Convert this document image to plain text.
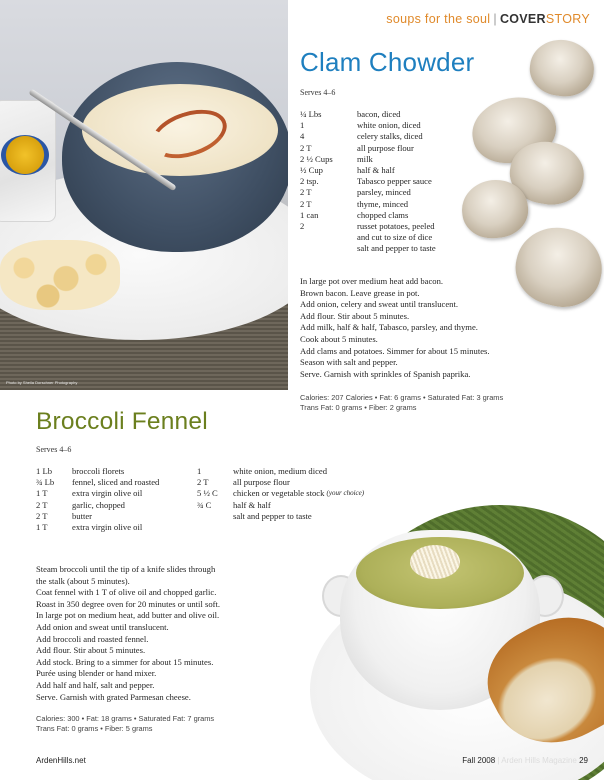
Photo by Sheila Dorschner Photography
soups for the soul | COVERSTORY
Clam Chowder
Serves 4–6
¼ Lbs	bacon, diced
1	white onion, diced
4	celery stalks, diced
2 T	all purpose flour
2 ½ Cups	milk
½ Cup	half & half
2 tsp.	Tabasco pepper sauce
2 T	parsley, minced
2 T	thyme, minced
1 can	chopped clams
2	russet potatoes, peeled
and cut to size of dice
salt and pepper to taste
In large pot over medium heat add bacon.
Brown bacon. Leave grease in pot.
Add onion, celery and sweat until translucent.
Add flour. Stir about 5 minutes.
Add milk, half & half, Tabasco, parsley, and thyme.
Cook about 5 minutes.
Add clams and potatoes. Simmer for about 15 minutes.
Season with salt and pepper.
Serve. Garnish with sprinkles of Spanish paprika.
Calories: 207 Calories • Fat: 6 grams • Saturated Fat: 3 grams
Trans Fat: 0 grams • Fiber: 2 grams
Broccoli Fennel
Serves 4–6
1 Lb	broccoli florets
¾ Lb	fennel, sliced and roasted
1 T	extra virgin olive oil
2 T	garlic, chopped
2 T	butter
1 T	extra virgin olive oil
1	white onion, medium diced
2 T	all purpose flour
5 ½ C	chicken or vegetable stock
(your choice)
¾ C	half & half
salt and pepper to taste
Steam broccoli until the tip of a knife slides through
the stalk (about 5 minutes).
Coat fennel with 1 T of olive oil and chopped garlic.
Roast in 350 degree oven for 20 minutes or until soft.
In large pot on medium heat, add butter and olive oil.
Add onion and sweat until translucent.
Add broccoli and roasted fennel.
Add flour. Stir about 5 minutes.
Add stock. Bring to a simmer for about 15 minutes.
Purée using blender or hand mixer.
Add half and half, salt and pepper.
Serve. Garnish with grated Parmesan cheese.
Calories: 300 • Fat: 18 grams • Saturated Fat: 7 grams
Trans Fat: 0 grams • Fiber: 5 grams
ArdenHills.net	Fall 2008 | Arden Hills Magazine 29
